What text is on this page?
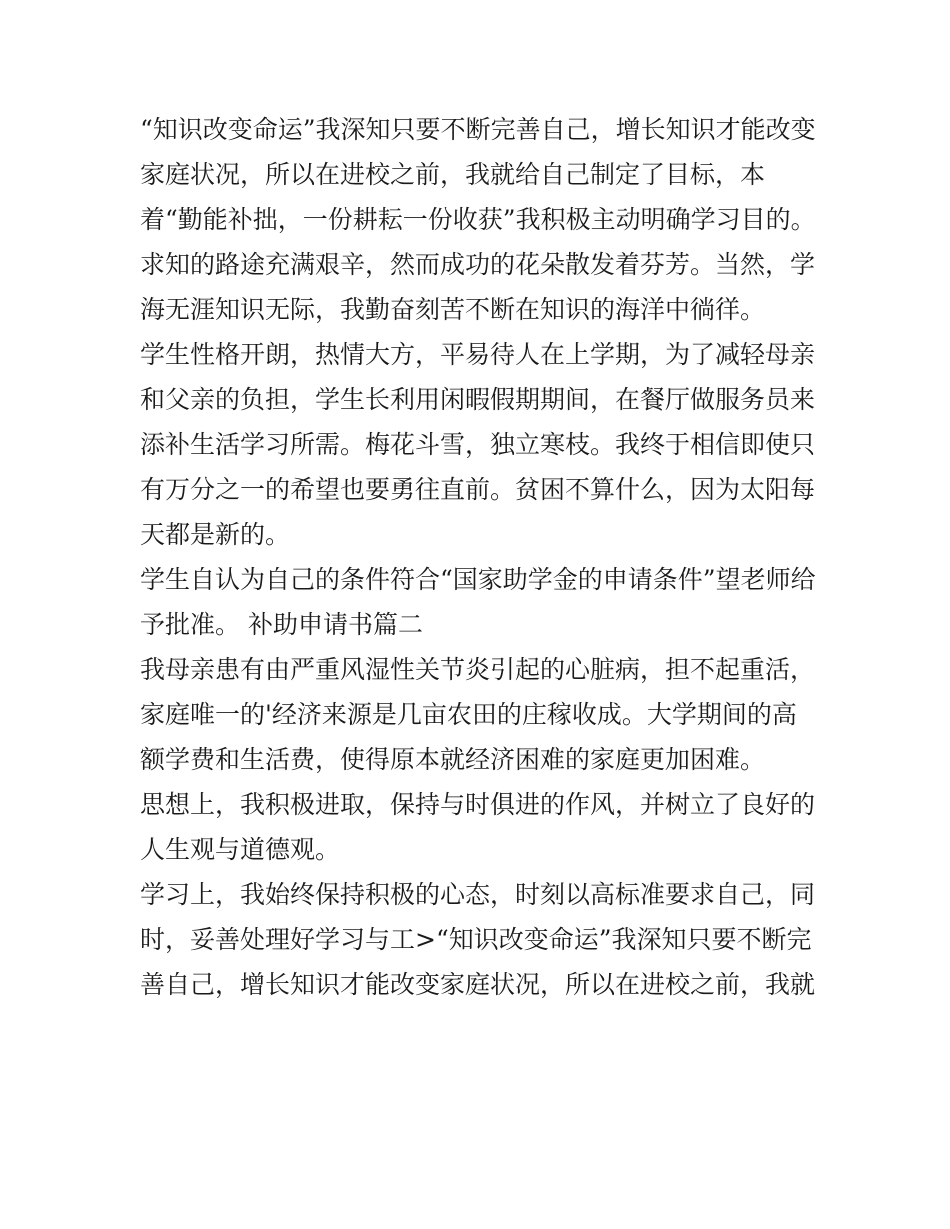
“知识改变命运”我深知只要不断完善自己，增长知识才能改变
家庭状况，所以在进校之前，我就给自己制定了目标，本
着“勤能补拙，一份耕耘一份收获”我积极主动明确学习目的。
求知的路途充满艰辛，然而成功的花朵散发着芬芳。当然，学
海无涯知识无际，我勤奋刻苦不断在知识的海洋中徜徉。
学生性格开朗，热情大方，平易待人在上学期，为了减轻母亲
和父亲的负担，学生长利用闲暇假期期间，在餐厅做服务员来
添补生活学习所需。梅花斗雪，独立寒枝。我终于相信即使只
有万分之一的希望也要勇往直前。贫困不算什么，因为太阳每
天都是新的。
学生自认为自己的条件符合“国家助学金的申请条件”望老师给
予批准。 补助申请书篇二
我母亲患有由严重风湿性关节炎引起的心脏病，担不起重活，
家庭唯一的'经济来源是几亩农田的庄稼收成。大学期间的高
额学费和生活费，使得原本就经济困难的家庭更加困难。
思想上，我积极进取，保持与时俱进的作风，并树立了良好的
人生观与道德观。
学习上，我始终保持积极的心态，时刻以高标准要求自己，同
时，妥善处理好学习与工>“知识改变命运”我深知只要不断完
善自己，增长知识才能改变家庭状况，所以在进校之前，我就
